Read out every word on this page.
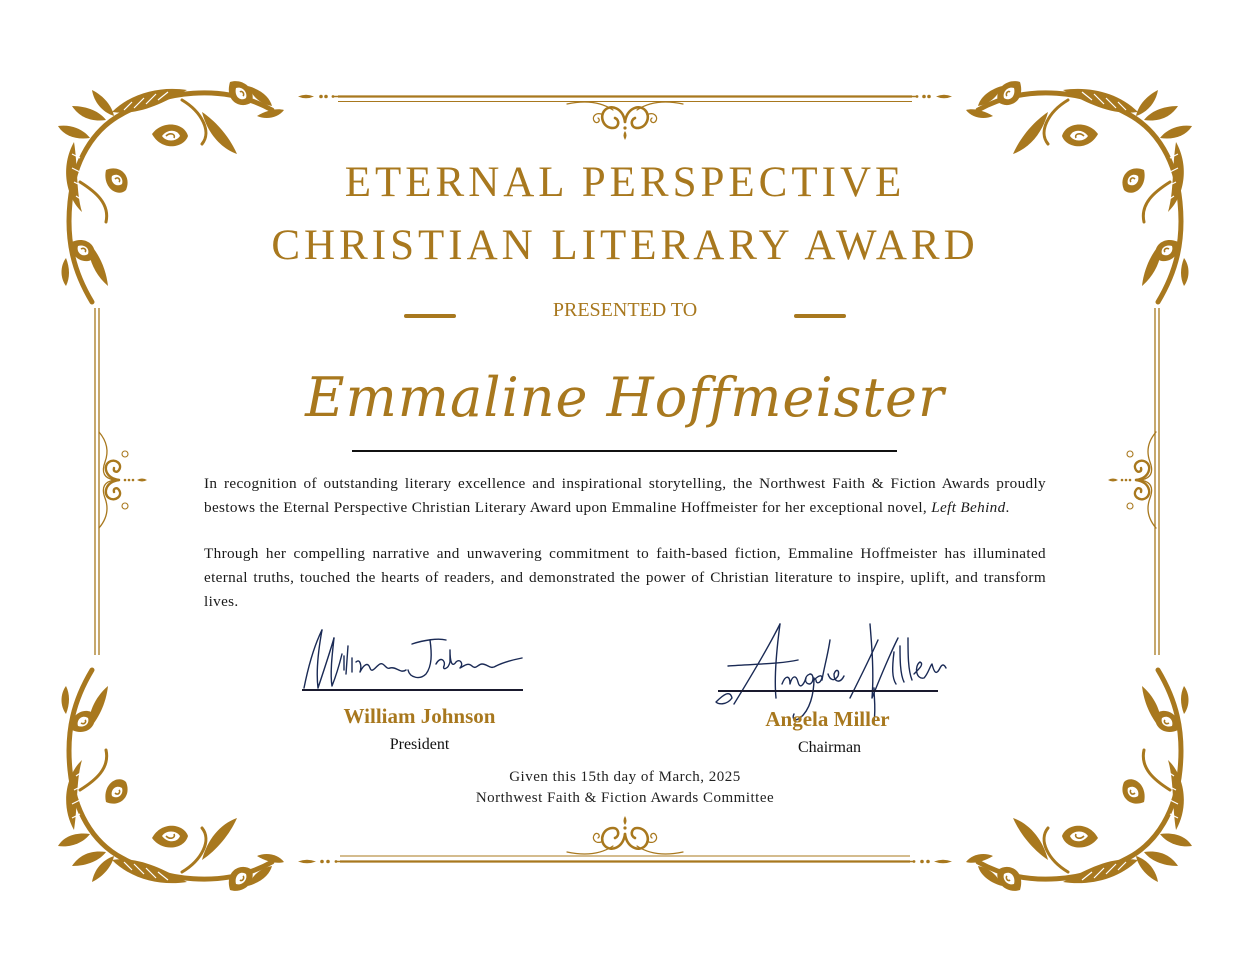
ETERNAL PERSPECTIVE
CHRISTIAN LITERARY AWARD
PRESENTED TO
Emmaline Hoffmeister
In recognition of outstanding literary excellence and inspirational storytelling, the Northwest Faith & Fiction Awards proudly bestows the Eternal Perspective Christian Literary Award upon Emmaline Hoffmeister for her exceptional novel, Left Behind.
Through her compelling narrative and unwavering commitment to faith-based fiction, Emmaline Hoffmeister has illuminated eternal truths, touched the hearts of readers, and demonstrated the power of Christian literature to inspire, uplift, and transform lives.
William Johnson
President
Angela Miller
Chairman
Given this 15th day of March, 2025
Northwest Faith & Fiction Awards Committee
